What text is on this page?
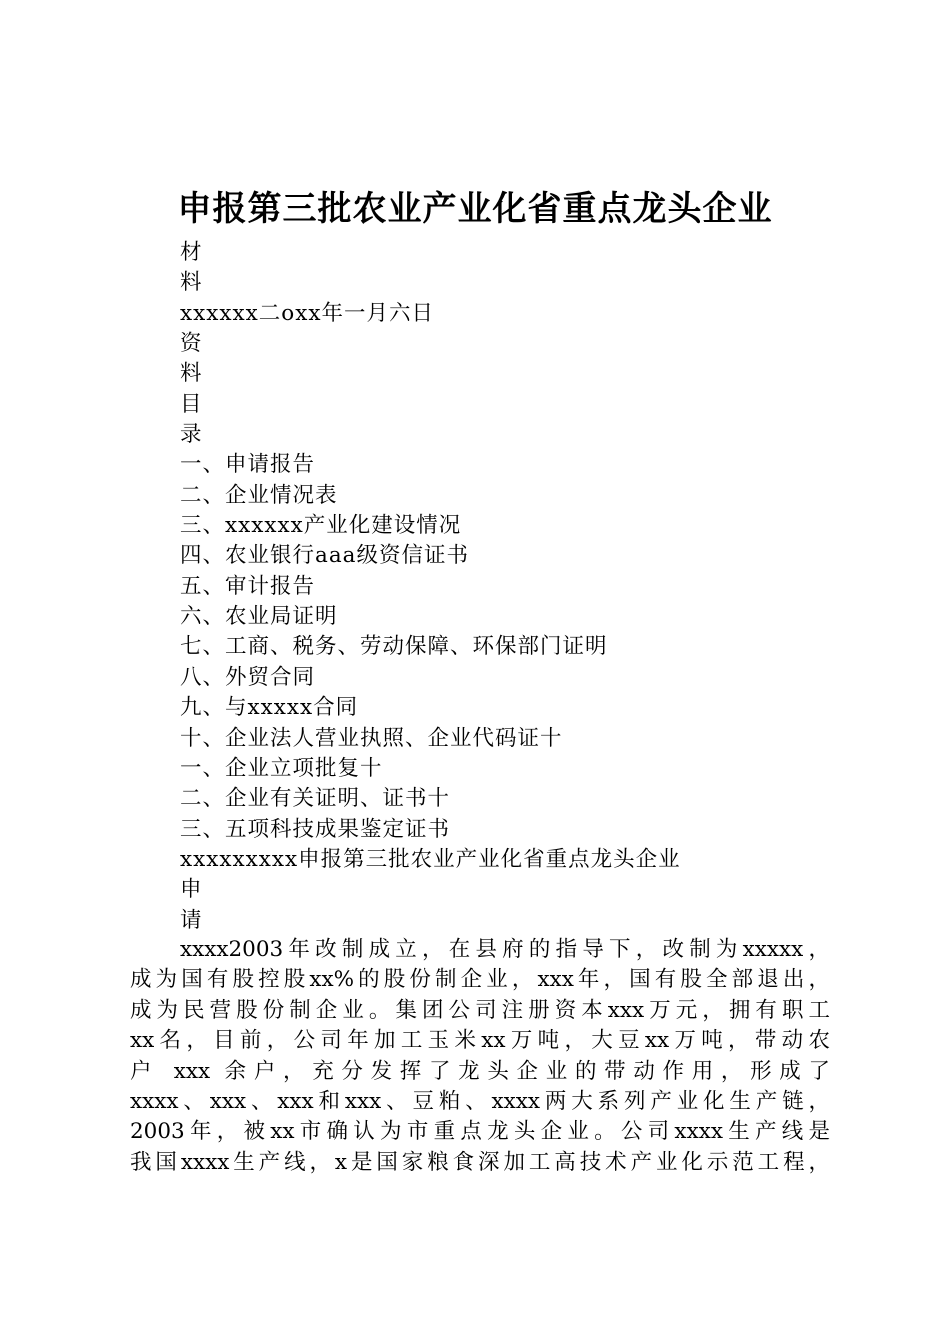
申报第三批农业产业化省重点龙头企业
材
料
xxxxxx二oxx年一月六日
资
料
目
录
一、申请报告
二、企业情况表
三、xxxxxx产业化建设情况
四、农业银行aaa级资信证书
五、审计报告
六、农业局证明
七、工商、税务、劳动保障、环保部门证明
八、外贸合同
九、与xxxxx合同
十、企业法人营业执照、企业代码证十
一、企业立项批复十
二、企业有关证明、证书十
三、五项科技成果鉴定证书
xxxxxxxxx申报第三批农业产业化省重点龙头企业
申
请
xxxx2003年改制成立，在县府的指导下，改制为xxxxx，
成为国有股控股xx%的股份制企业，xxx年，国有股全部退出，
成为民营股份制企业。集团公司注册资本xxx万元，拥有职工
xx名，目前，公司年加工玉米xx万吨，大豆xx万吨，带动农
户 xxx 余户，充分发挥了龙头企业的带动作用，形成了
xxxx、xxx、xxx和xxx、豆粕、xxxx两大系列产业化生产链，
2003年，被xx市确认为市重点龙头企业。公司xxxx生产线是
我国xxxx生产线，x是国家粮食深加工高技术产业化示范工程，
